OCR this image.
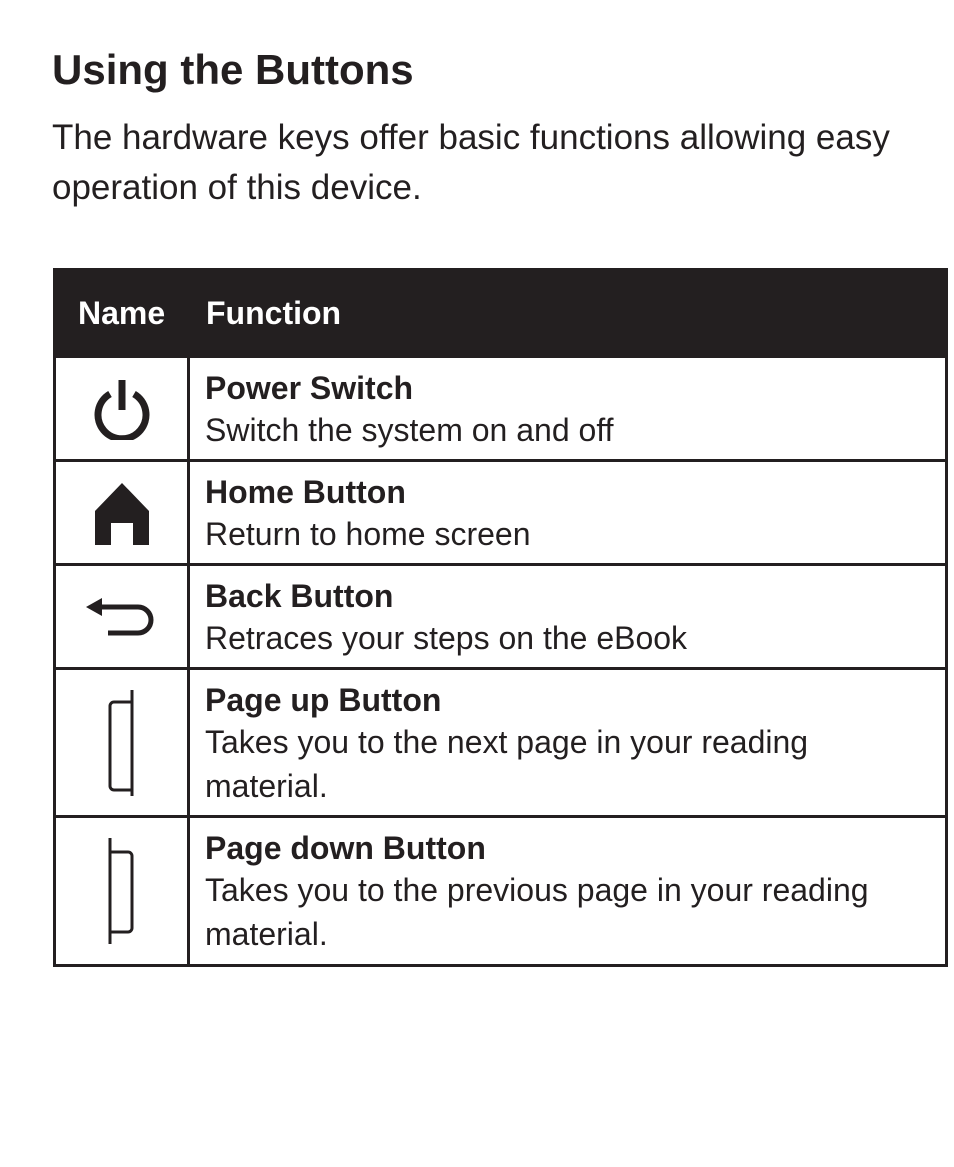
Using the Buttons

The hardware keys offer basic functions allowing easy
operation of this device.

Name	Function
Power Switch
Switch the system on and off
Home Button
Return to home screen
Back Button
Retraces your steps on the eBook
Page up Button
Takes you to the next page in your reading
material.
Page down Button
Takes you to the previous page in your reading
material.
